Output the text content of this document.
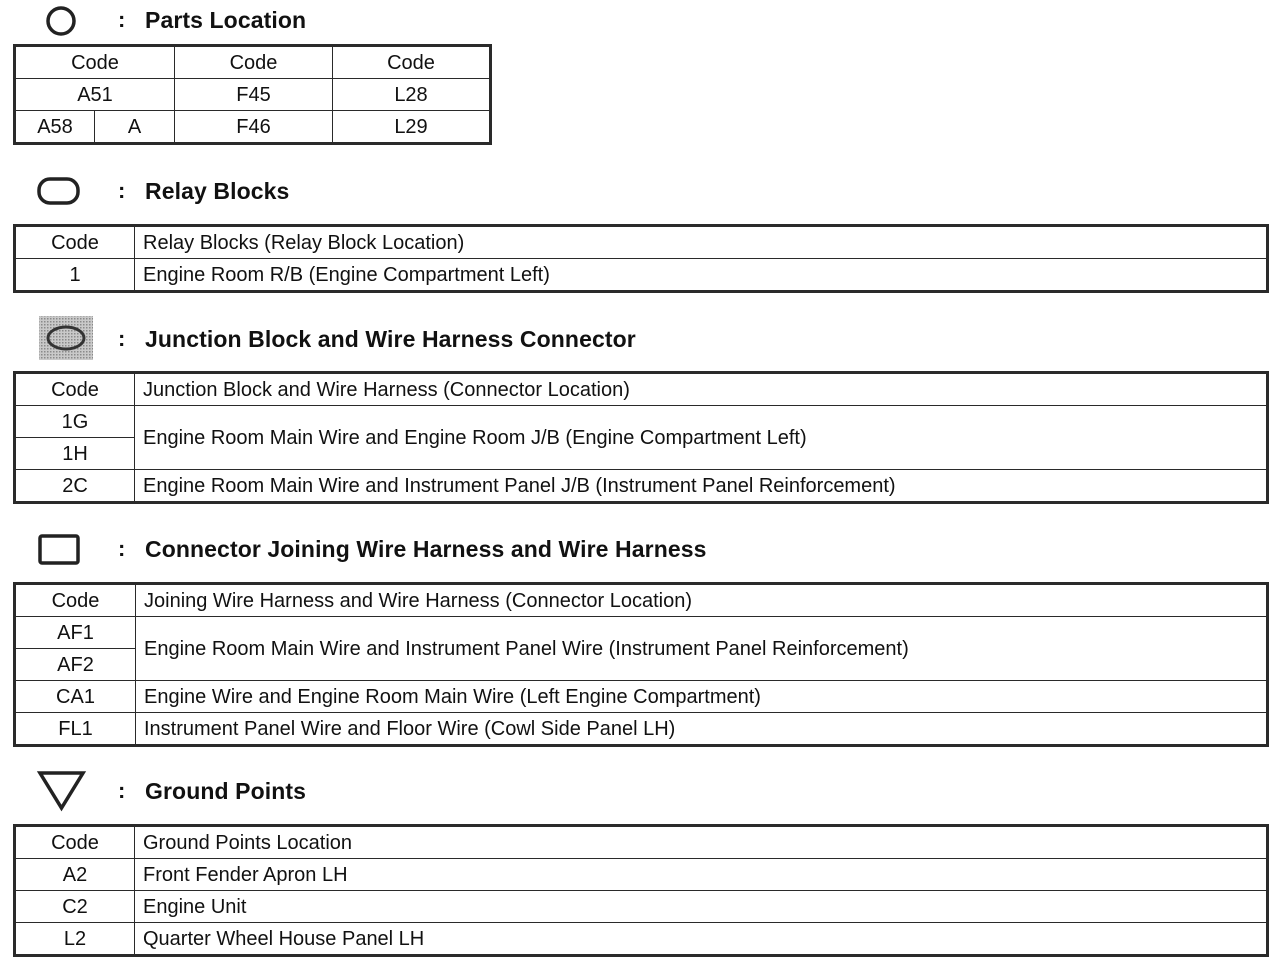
: Parts Location
Code		Code	Code
A51		F45	L28
A58	A	F46	L29
: Relay Blocks
Code	Relay Blocks (Relay Block Location)
1	Engine Room R/B (Engine Compartment Left)
: Junction Block and Wire Harness Connector
Code	Junction Block and Wire Harness (Connector Location)
1G	Engine Room Main Wire and Engine Room J/B (Engine Compartment Left)
1H	
2C	Engine Room Main Wire and Instrument Panel J/B (Instrument Panel Reinforcement)
: Connector Joining Wire Harness and Wire Harness
Code	Joining Wire Harness and Wire Harness (Connector Location)
AF1	Engine Room Main Wire and Instrument Panel Wire (Instrument Panel Reinforcement)
AF2	
CA1	Engine Wire and Engine Room Main Wire (Left Engine Compartment)
FL1	Instrument Panel Wire and Floor Wire (Cowl Side Panel LH)
: Ground Points
Code	Ground Points Location
A2	Front Fender Apron LH
C2	Engine Unit
L2	Quarter Wheel House Panel LH
